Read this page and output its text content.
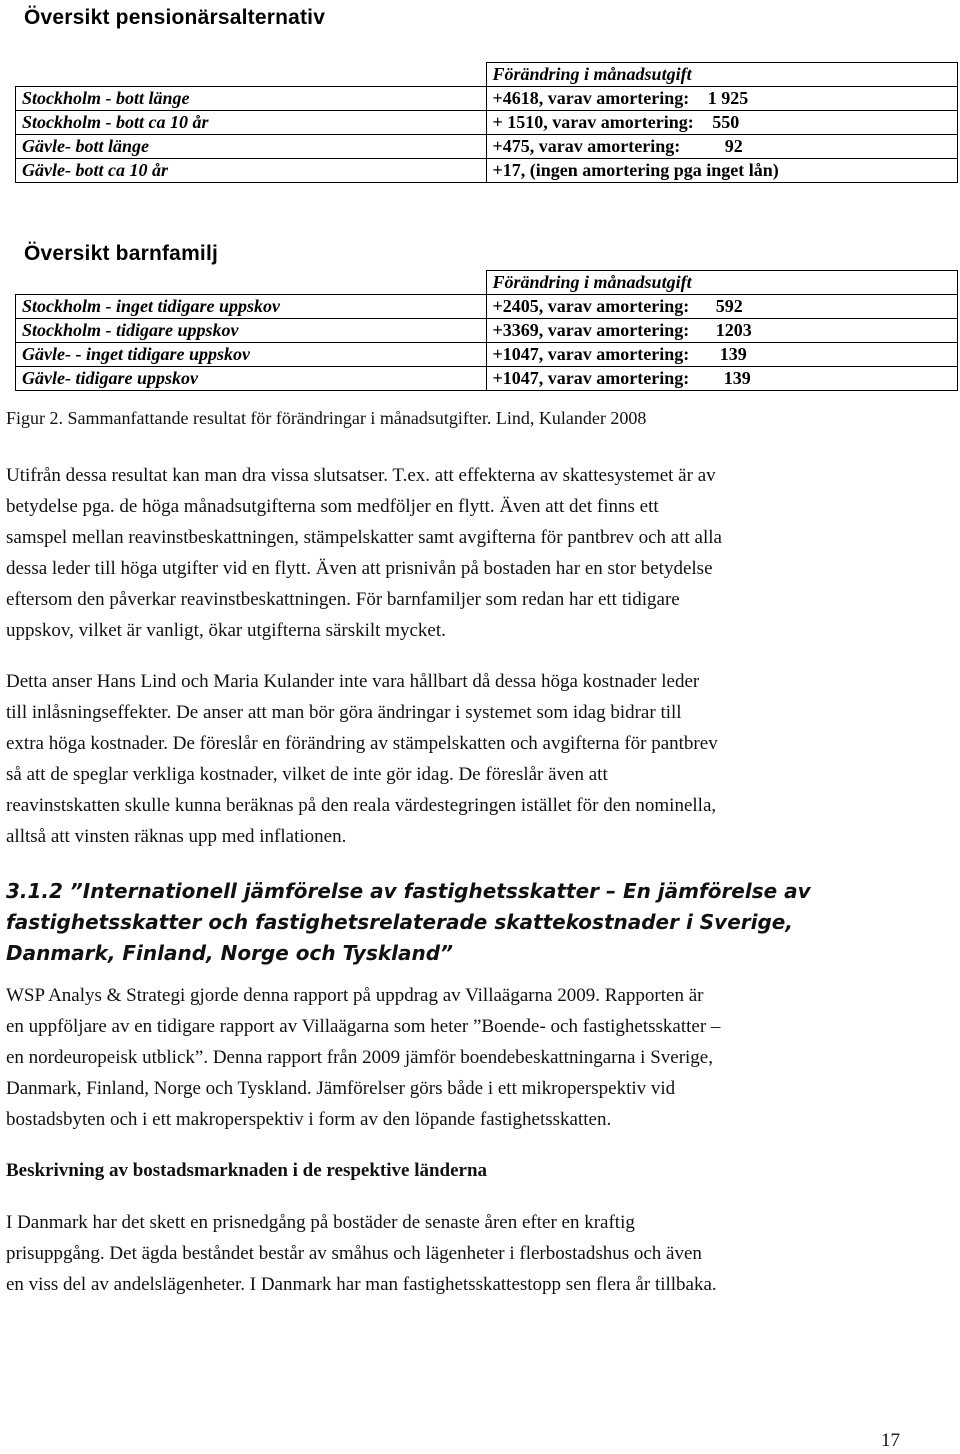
Översikt pensionärsalternativ
	Förändring i månadsutgift
Stockholm - bott länge	+4618, varav amortering: 1 925
Stockholm - bott ca 10 år	+ 1510, varav amortering: 550
Gävle- bott länge	+475, varav amortering: 92
Gävle- bott ca 10 år	+17, (ingen amortering pga inget lån)
Översikt barnfamilj
	Förändring i månadsutgift
Stockholm - inget tidigare uppskov	+2405, varav amortering: 592
Stockholm - tidigare uppskov	+3369, varav amortering: 1203
Gävle- - inget tidigare uppskov	+1047, varav amortering: 139
Gävle- tidigare uppskov	+1047, varav amortering: 139
Figur 2. Sammanfattande resultat för förändringar i månadsutgifter. Lind, Kulander 2008

Utifrån dessa resultat kan man dra vissa slutsatser. T.ex. att effekterna av skattesystemet är av
betydelse pga. de höga månadsutgifterna som medföljer en flytt. Även att det finns ett
samspel mellan reavinstbeskattningen, stämpelskatter samt avgifterna för pantbrev och att alla
dessa leder till höga utgifter vid en flytt. Även att prisnivån på bostaden har en stor betydelse
eftersom den påverkar reavinstbeskattningen. För barnfamiljer som redan har ett tidigare
uppskov, vilket är vanligt, ökar utgifterna särskilt mycket.

Detta anser Hans Lind och Maria Kulander inte vara hållbart då dessa höga kostnader leder
till inlåsningseffekter. De anser att man bör göra ändringar i systemet som idag bidrar till
extra höga kostnader. De föreslår en förändring av stämpelskatten och avgifterna för pantbrev
så att de speglar verkliga kostnader, vilket de inte gör idag. De föreslår även att
reavinstskatten skulle kunna beräknas på den reala värdestegringen istället för den nominella,
alltså att vinsten räknas upp med inflationen.

3.1.2 ”Internationell jämförelse av fastighetsskatter – En jämförelse av
fastighetsskatter och fastighetsrelaterade skattekostnader i Sverige,
Danmark, Finland, Norge och Tyskland”

WSP Analys & Strategi gjorde denna rapport på uppdrag av Villaägarna 2009. Rapporten är
en uppföljare av en tidigare rapport av Villaägarna som heter ”Boende- och fastighetsskatter –
en nordeuropeisk utblick”. Denna rapport från 2009 jämför boendebeskattningarna i Sverige,
Danmark, Finland, Norge och Tyskland. Jämförelser görs både i ett mikroperspektiv vid
bostadsbyten och i ett makroperspektiv i form av den löpande fastighetsskatten.

Beskrivning av bostadsmarknaden i de respektive länderna

I Danmark har det skett en prisnedgång på bostäder de senaste åren efter en kraftig
prisuppgång. Det ägda beståndet består av småhus och lägenheter i flerbostadshus och även
en viss del av andelslägenheter. I Danmark har man fastighetsskattestopp sen flera år tillbaka.

17
